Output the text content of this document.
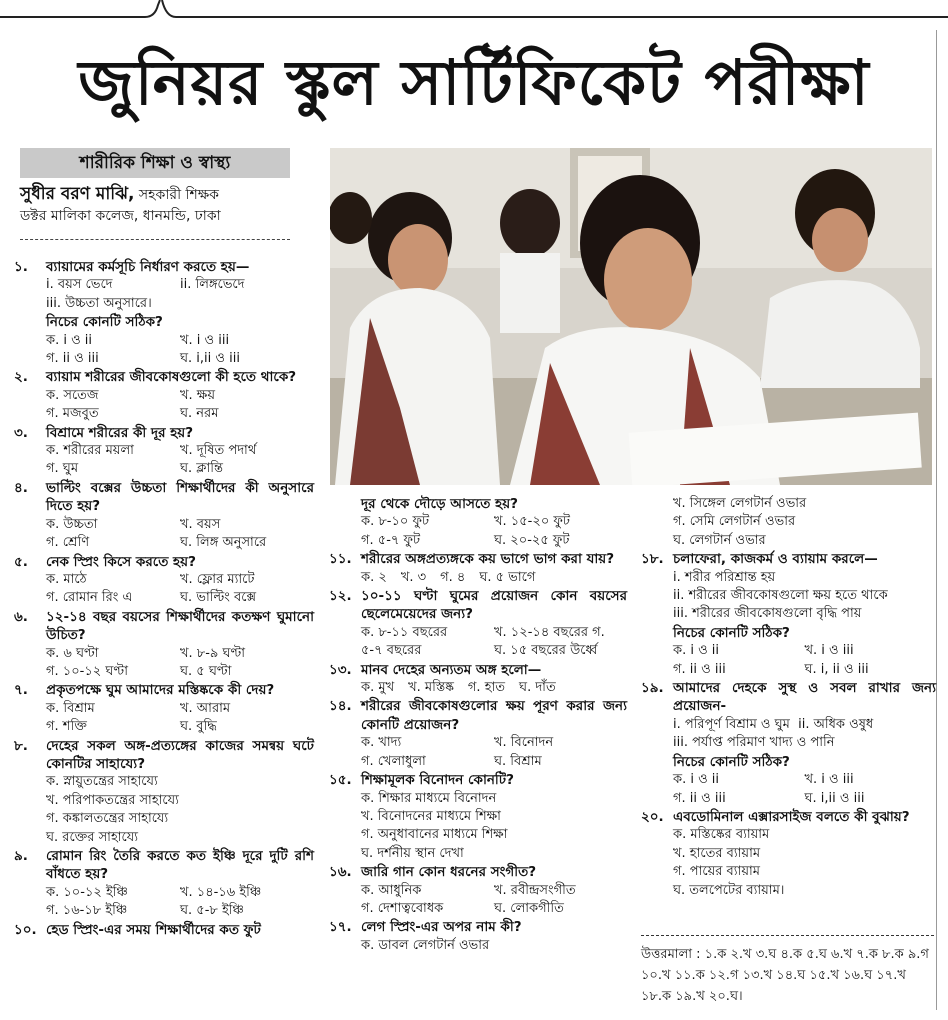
জুনিয়র স্কুল সার্টিফিকেট পরীক্ষা
শারীরিক শিক্ষা ও স্বাস্থ্য
সুধীর বরণ মাঝি, সহকারী শিক্ষক
ডক্টর মালিকা কলেজ, ধানমন্ডি, ঢাকা
১.	ব্যায়ামের কর্মসূচি নির্ধারণ করতে হয়—
i. বয়স ভেদে	ii. লিঙ্গভেদে
iii. উচ্চতা অনুসারে।
নিচের কোনটি সঠিক?
ক. i ও ii	খ. i ও iii
গ. ii ও iii	ঘ. i,ii ও iii
২.	ব্যায়াম শরীরের জীবকোষগুলো কী হতে থাকে?
ক. সতেজ	খ. ক্ষয়
গ. মজবুত	ঘ. নরম
৩.	বিশ্রামে শরীরের কী দূর হয়?
ক. শরীরের ময়লা	খ. দূষিত পদার্থ
গ. ঘুম	ঘ. ক্লান্তি
৪.	ভাল্টিং বক্সের উচ্চতা শিক্ষার্থীদের কী অনুসারে দিতে হয়?
ক. উচ্চতা	খ. বয়স
গ. শ্রেণি	ঘ. লিঙ্গ অনুসারে
৫.	নেক স্প্রিং কিসে করতে হয়?
ক. মাঠে	খ. ফ্লোর ম্যাটে
গ. রোমান রিং এ	ঘ. ভাল্টিং বক্সে
৬.	১২-১৪ বছর বয়সের শিক্ষার্থীদের কতক্ষণ ঘুমানো উচিত?
ক. ৬ ঘণ্টা	খ. ৮-৯ ঘণ্টা
গ. ১০-১২ ঘণ্টা	ঘ. ৫ ঘণ্টা
৭.	প্রকৃতপক্ষে ঘুম আমাদের মস্তিষ্ককে কী দেয়?
ক. বিশ্রাম	খ. আরাম
গ. শক্তি	ঘ. বুদ্ধি
৮.	দেহের সকল অঙ্গ-প্রত্যঙ্গের কাজের সমন্বয় ঘটে কোনটির সাহায্যে?
ক. স্নায়ুতন্ত্রের সাহায্যে
খ. পরিপাকতন্ত্রের সাহায্যে
গ. কঙ্কালতন্ত্রের সাহায্যে
ঘ. রক্তের সাহায্যে
৯.	রোমান রিং তৈরি করতে কত ইঞ্চি দূরে দুটি রশি বাঁধতে হয়?
ক. ১০-১২ ইঞ্চি	খ. ১৪-১৬ ইঞ্চি
গ. ১৬-১৮ ইঞ্চি	ঘ. ৫-৮ ইঞ্চি
১০. হেড স্প্রিং-এর সময় শিক্ষার্থীদের কত ফুট
দূর থেকে দৌড়ে আসতে হয়?
ক. ৮-১০ ফুট	খ. ১৫-২০ ফুট
গ. ৫-৭ ফুট	ঘ. ২০-২৫ ফুট
১১. শরীরের অঙ্গপ্রত্যঙ্গকে কয় ভাগে ভাগ করা যায়?
ক. ২ খ. ৩ গ. ৪ ঘ. ৫ ভাগে
১২. ১০-১১ ঘণ্টা ঘুমের প্রয়োজন কোন বয়সের ছেলেমেয়েদের জন্য?
ক. ৮-১১ বছরের	খ. ১২-১৪ বছরের গ.
৫-৭ বছরের	ঘ. ১৫ বছরের উর্ধ্বে
১৩. মানব দেহের অন্যতম অঙ্গ হলো—
ক. মুখ খ. মস্তিষ্ক গ. হাত ঘ. দাঁত
১৪. শরীরের জীবকোষগুলোর ক্ষয় পূরণ করার জন্য কোনটি প্রয়োজন?
ক. খাদ্য	খ. বিনোদন
গ. খেলাধুলা	ঘ. বিশ্রাম
১৫. শিক্ষামূলক বিনোদন কোনটি?
ক. শিক্ষার মাধ্যমে বিনোদন
খ. বিনোদনের মাধ্যমে শিক্ষা
গ. অনুধাবানের মাধ্যমে শিক্ষা
ঘ. দর্শনীয় স্থান দেখা
১৬. জারি গান কোন ধরনের সংগীত?
ক. আধুনিক	খ. রবীন্দ্রসংগীত
গ. দেশাত্ববোধক	ঘ. লোকগীতি
১৭. লেগ স্প্রিং-এর অপর নাম কী?
ক. ডাবল লেগটার্ন ওভার
খ. সিঙ্গেল লেগটার্ন ওভার
গ. সেমি লেগটার্ন ওভার
ঘ. লেগটার্ন ওভার
১৮. চলাফেরা, কাজকর্ম ও ব্যায়াম করলে—
i. শরীর পরিশ্রান্ত হয়
ii. শরীরের জীবকোষগুলো ক্ষয় হতে থাকে
iii. শরীরের জীবকোষগুলো বৃদ্ধি পায়
নিচের কোনটি সঠিক?
ক. i ও ii	খ. i ও iii
গ. ii ও iii	ঘ. i, ii ও iii
১৯. আমাদের দেহকে সুস্থ ও সবল রাখার জন্য প্রয়োজন-
i. পরিপূর্ণ বিশ্রাম ও ঘুম ii. অধিক ওষুধ
iii. পর্যাপ্ত পরিমাণ খাদ্য ও পানি
নিচের কোনটি সঠিক?
ক. i ও ii	খ. i ও iii
গ. ii ও iii	ঘ. i,ii ও iii
২০. এবডোমিনাল এক্সারসাইজ বলতে কী বুঝায়?
ক. মস্তিষ্কের ব্যায়াম
খ. হাতের ব্যায়াম
গ. পায়ের ব্যায়াম
ঘ. তলপেটের ব্যায়াম।
উত্তরমালা : ১.ক ২.খ ৩.ঘ ৪.ক ৫.ঘ ৬.খ ৭.ক ৮.ক ৯.গ ১০.খ ১১.ক ১২.গ ১৩.খ ১৪.ঘ ১৫.খ ১৬.ঘ ১৭.খ ১৮.ক ১৯.খ ২০.ঘ।
